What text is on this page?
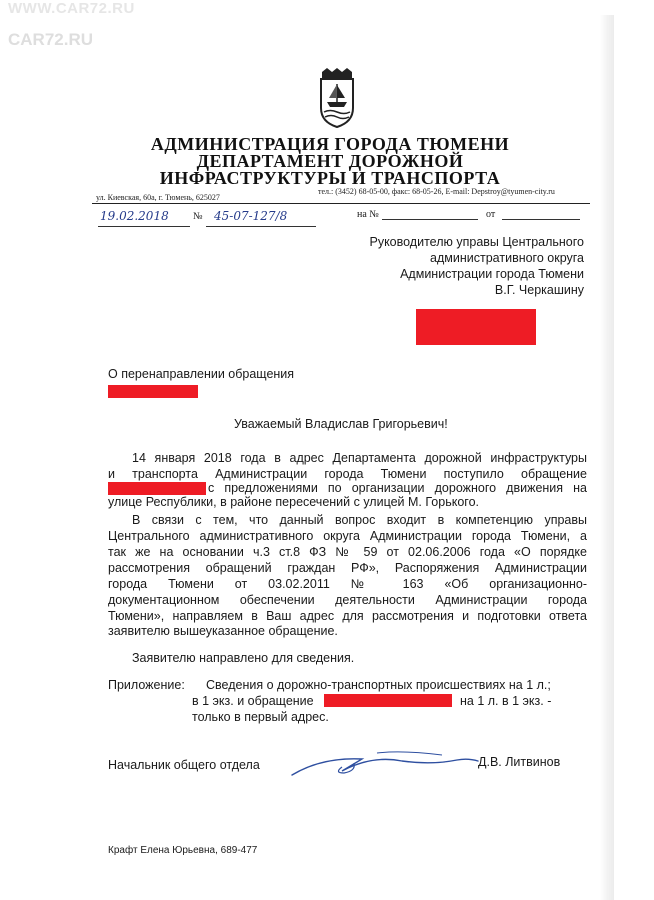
WWW.CAR72.RU
CAR72.RU
АДМИНИСТРАЦИЯ ГОРОДА ТЮМЕНИ
ДЕПАРТАМЕНТ ДОРОЖНОЙ
ИНФРАСТРУКТУРЫ И ТРАНСПОРТА
ул. Киевская, 60а, г. Тюмень, 625027
тел.: (3452) 68-05-00, факс: 68-05-26, E-mail: Depstroy@tyumen-city.ru
19.02.2018 № 45-07-127/8	на №	от
Руководителю управы Центрального
административного округа
Администрации города Тюмени
В.Г. Черкашину
О перенаправлении обращения
Уважаемый Владислав Григорьевич!
14 января 2018 года в адрес Департамента дорожной инфраструктуры
и транспорта Администрации города Тюмени поступило обращение
с предложениями по организации дорожного движения на
улице Республики, в районе пересечений с улицей М. Горького.
В связи с тем, что данный вопрос входит в компетенцию управы
Центрального административного округа Администрации города Тюмени, а
так же на основании ч.3 ст.8 ФЗ № 59 от 02.06.2006 года «О порядке
рассмотрения обращений граждан РФ», Распоряжения Администрации
города Тюмени от 03.02.2011 № 163 «Об организационно-
документационном обеспечении деятельности Администрации города
Тюмени», направляем в Ваш адрес для рассмотрения и подготовки ответа
заявителю вышеуказанное обращение.
Заявителю направлено для сведения.
Приложение: Сведения о дорожно-транспортных происшествиях на 1 л.;
в 1 экз. и обращение	на 1 л. в 1 экз. -
только в первый адрес.
Начальник общего отдела	Д.В. Литвинов
Крафт Елена Юрьевна, 689-477
